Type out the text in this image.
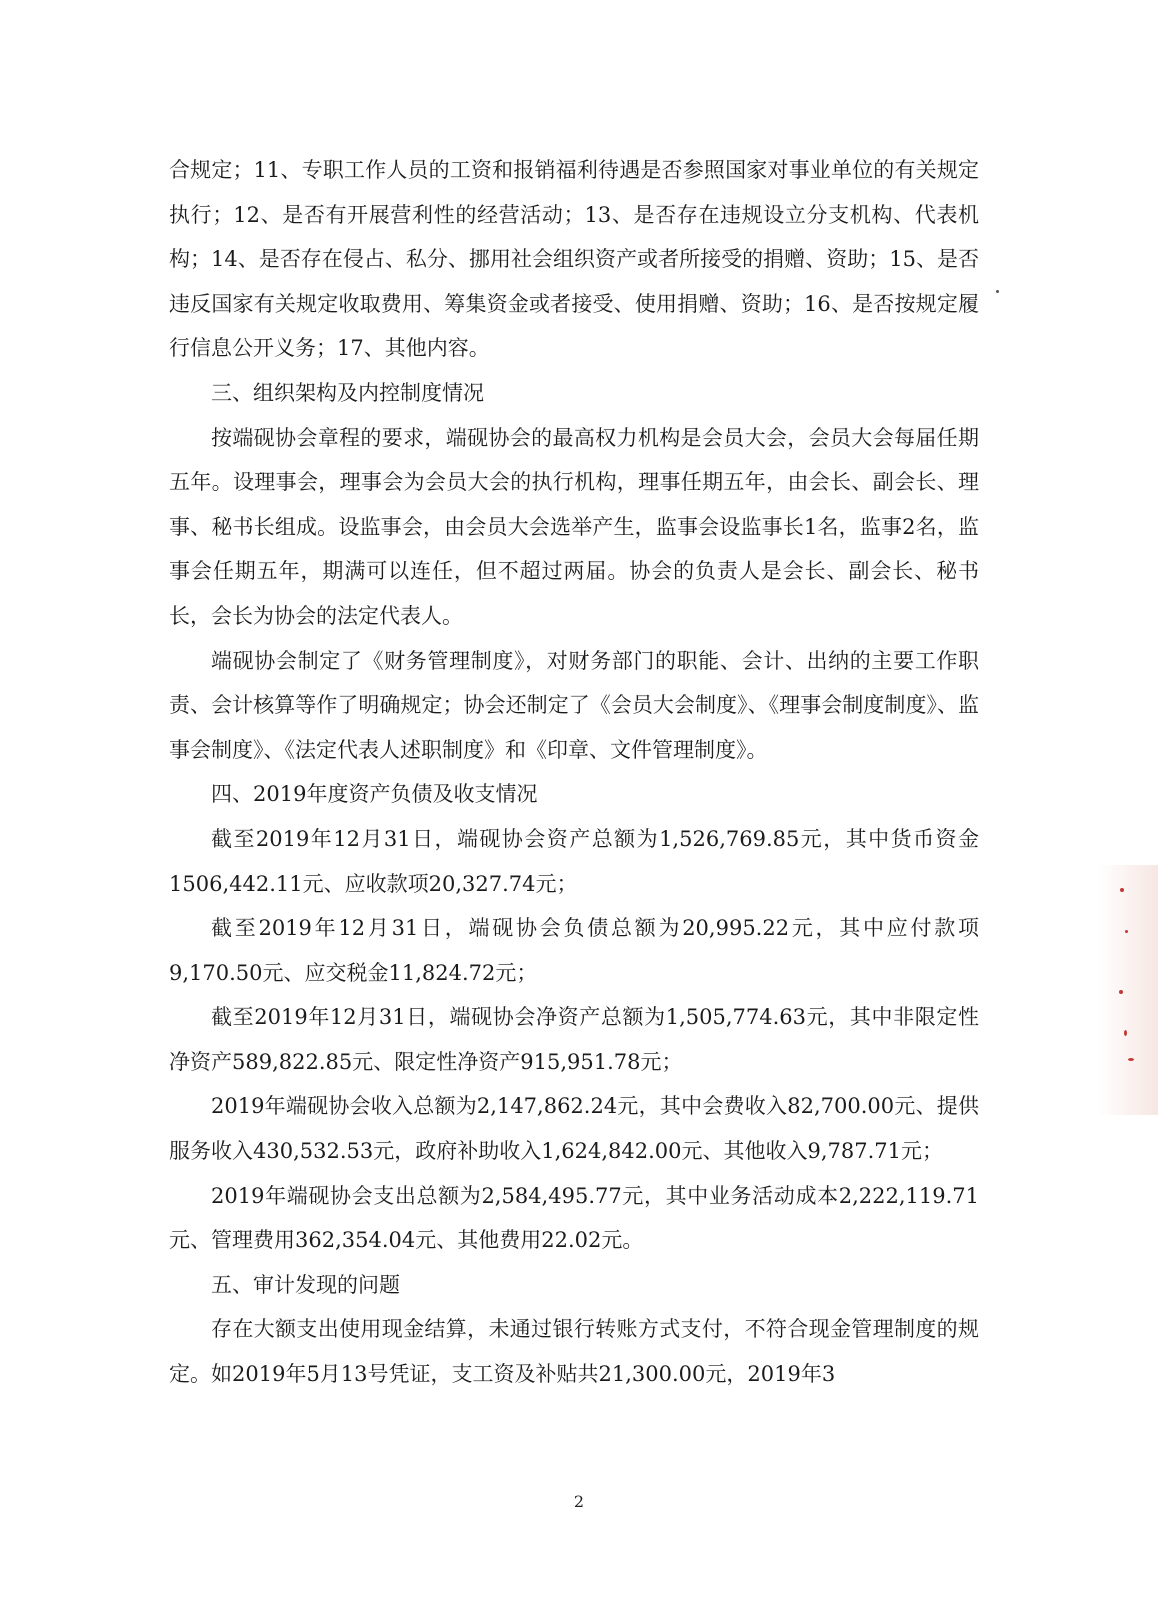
合规定；11、专职工作人员的工资和报销福利待遇是否参照国家对事业单位的有关规定执行；12、是否有开展营利性的经营活动；13、是否存在违规设立分支机构、代表机构；14、是否存在侵占、私分、挪用社会组织资产或者所接受的捐赠、资助；15、是否违反国家有关规定收取费用、筹集资金或者接受、使用捐赠、资助；16、是否按规定履行信息公开义务；17、其他内容。

三、组织架构及内控制度情况

按端砚协会章程的要求，端砚协会的最高权力机构是会员大会，会员大会每届任期五年。设理事会，理事会为会员大会的执行机构，理事任期五年，由会长、副会长、理事、秘书长组成。设监事会，由会员大会选举产生，监事会设监事长1名，监事2名，监事会任期五年，期满可以连任，但不超过两届。协会的负责人是会长、副会长、秘书长，会长为协会的法定代表人。

端砚协会制定了《财务管理制度》，对财务部门的职能、会计、出纳的主要工作职责、会计核算等作了明确规定；协会还制定了《会员大会制度》、《理事会制度制度》、监事会制度》、《法定代表人述职制度》和《印章、文件管理制度》。

四、2019年度资产负债及收支情况

截至2019年12月31日，端砚协会资产总额为1,526,769.85元，其中货币资金1506,442.11元、应收款项20,327.74元；

截至2019年12月31日，端砚协会负债总额为20,995.22元，其中应付款项9,170.50元、应交税金11,824.72元；

截至2019年12月31日，端砚协会净资产总额为1,505,774.63元，其中非限定性净资产589,822.85元、限定性净资产915,951.78元；

2019年端砚协会收入总额为2,147,862.24元，其中会费收入82,700.00元、提供服务收入430,532.53元，政府补助收入1,624,842.00元、其他收入9,787.71元；

2019年端砚协会支出总额为2,584,495.77元，其中业务活动成本2,222,119.71元、管理费用362,354.04元、其他费用22.02元。

五、审计发现的问题

存在大额支出使用现金结算，未通过银行转账方式支付，不符合现金管理制度的规定。如2019年5月13号凭证，支工资及补贴共21,300.00元，2019年3

2
